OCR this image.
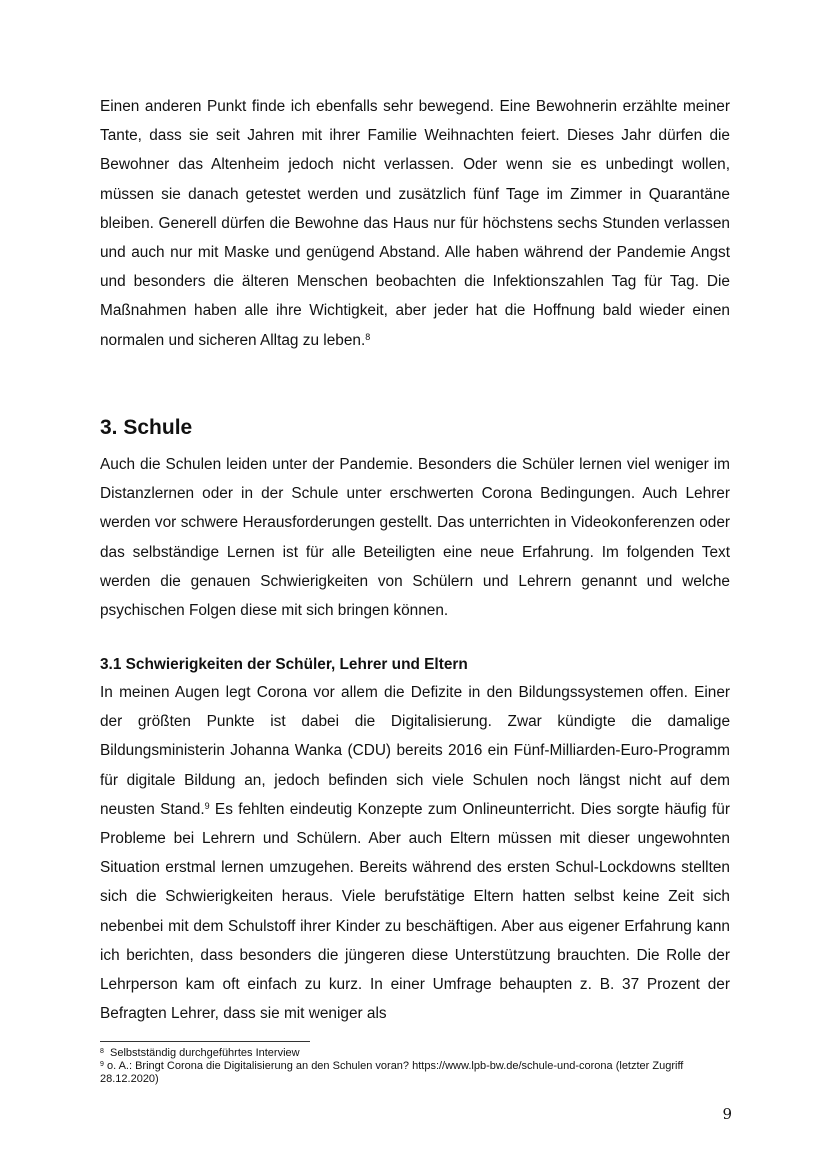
Einen anderen Punkt finde ich ebenfalls sehr bewegend. Eine Bewohnerin erzählte meiner Tante, dass sie seit Jahren mit ihrer Familie Weihnachten feiert. Dieses Jahr dürfen die Bewohner das Altenheim jedoch nicht verlassen. Oder wenn sie es unbedingt wollen, müssen sie danach getestet werden und zusätzlich fünf Tage im Zimmer in Quarantäne bleiben. Generell dürfen die Bewohne das Haus nur für höchstens sechs Stunden verlassen und auch nur mit Maske und genügend Abstand. Alle haben während der Pandemie Angst und besonders die älteren Menschen beobachten die Infektionszahlen Tag für Tag. Die Maßnahmen haben alle ihre Wichtigkeit, aber jeder hat die Hoffnung bald wieder einen normalen und sicheren Alltag zu leben.$^8$

3. Schule

Auch die Schulen leiden unter der Pandemie. Besonders die Schüler lernen viel weniger im Distanzlernen oder in der Schule unter erschwerten Corona Bedingungen. Auch Lehrer werden vor schwere Herausforderungen gestellt. Das unterrichten in Videokonferenzen oder das selbständige Lernen ist für alle Beteiligten eine neue Erfahrung. Im folgenden Text werden die genauen Schwierigkeiten von Schülern und Lehrern genannt und welche psychischen Folgen diese mit sich bringen können.

3.1 Schwierigkeiten der Schüler, Lehrer und Eltern

In meinen Augen legt Corona vor allem die Defizite in den Bildungssystemen offen. Einer der größten Punkte ist dabei die Digitalisierung. Zwar kündigte die damalige Bildungsministerin Johanna Wanka (CDU) bereits 2016 ein Fünf-Milliarden-Euro-Programm für digitale Bildung an, jedoch befinden sich viele Schulen noch längst nicht auf dem neusten Stand.$^9$ Es fehlten eindeutig Konzepte zum Onlineunterricht. Dies sorgte häufig für Probleme bei Lehrern und Schülern. Aber auch Eltern müssen mit dieser ungewohnten Situation erstmal lernen umzugehen. Bereits während des ersten Schul-Lockdowns stellten sich die Schwierigkeiten heraus. Viele berufstätige Eltern hatten selbst keine Zeit sich nebenbei mit dem Schulstoff ihrer Kinder zu beschäftigen. Aber aus eigener Erfahrung kann ich berichten, dass besonders die jüngeren diese Unterstützung brauchten. Die Rolle der Lehrperson kam oft einfach zu kurz. In einer Umfrage behaupten z. B. 37 Prozent der Befragten Lehrer, dass sie mit weniger als

$^8$ Selbstständig durchgeführtes Interview

$^9$ o. A.: Bringt Corona die Digitalisierung an den Schulen voran? https://www.lpb-bw.de/schule-und-corona (letzter Zugriff 28.12.2020)

9
